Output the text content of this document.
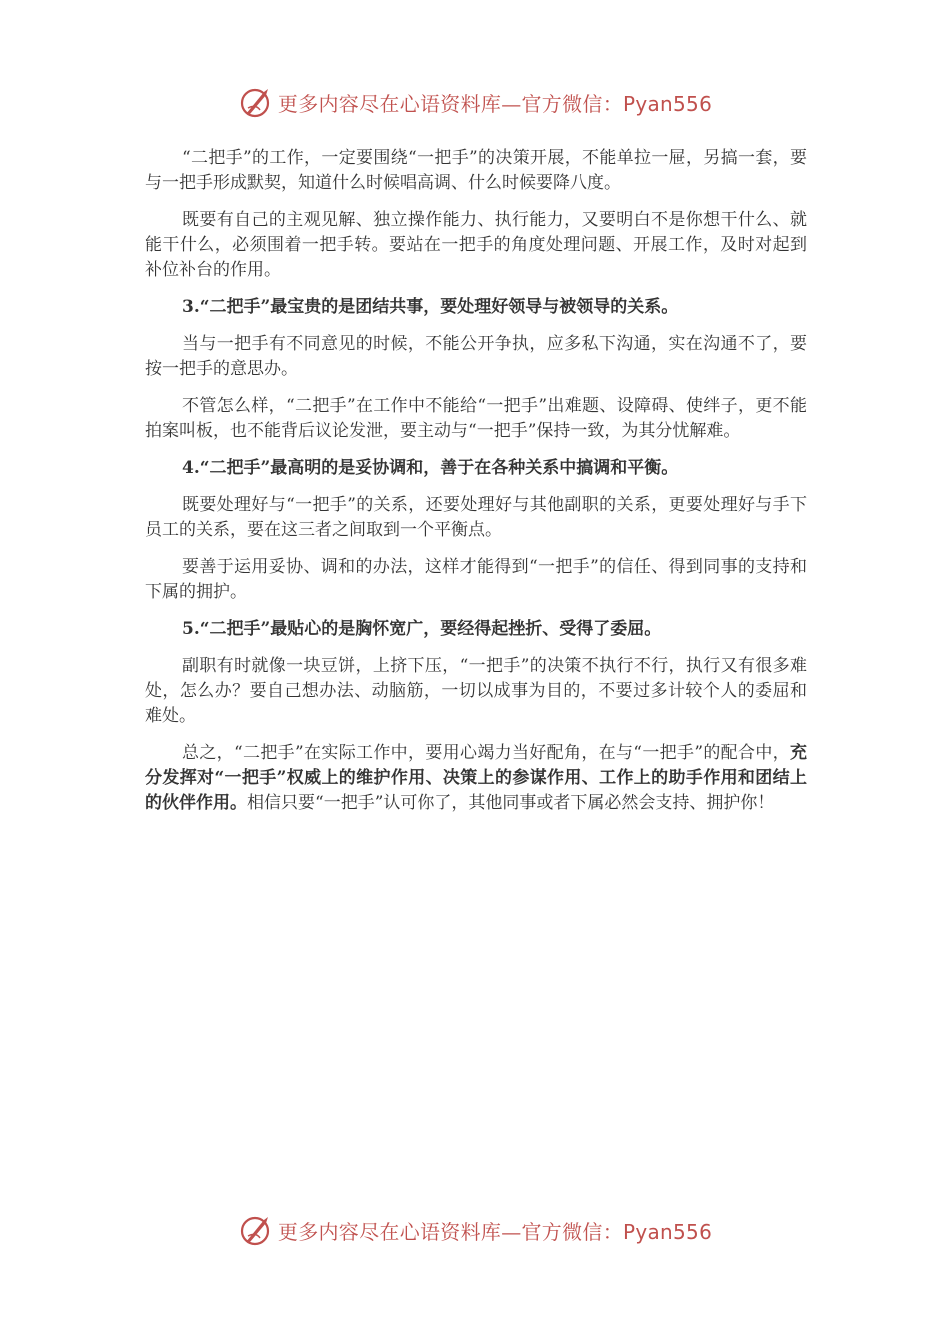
更多内容尽在心语资料库—官方微信：Pyan556

“二把手”的工作，一定要围绕“一把手”的决策开展，不能单拉一屉，另搞一套，要与一把手形成默契，知道什么时候唱高调、什么时候要降八度。

既要有自己的主观见解、独立操作能力、执行能力，又要明白不是你想干什么、就能干什么，必须围着一把手转。要站在一把手的角度处理问题、开展工作，及时对起到补位补台的作用。

3.“二把手”最宝贵的是团结共事，要处理好领导与被领导的关系。

当与一把手有不同意见的时候，不能公开争执，应多私下沟通，实在沟通不了，要按一把手的意思办。

不管怎么样，“二把手”在工作中不能给“一把手”出难题、设障碍、使绊子，更不能拍案叫板，也不能背后议论发泄，要主动与“一把手”保持一致，为其分忧解难。

4.“二把手”最高明的是妥协调和，善于在各种关系中搞调和平衡。

既要处理好与“一把手”的关系，还要处理好与其他副职的关系，更要处理好与手下员工的关系，要在这三者之间取到一个平衡点。

要善于运用妥协、调和的办法，这样才能得到“一把手”的信任、得到同事的支持和下属的拥护。

5.“二把手”最贴心的是胸怀宽广，要经得起挫折、受得了委屈。

副职有时就像一块豆饼，上挤下压，“一把手”的决策不执行不行，执行又有很多难处，怎么办？要自己想办法、动脑筋，一切以成事为目的，不要过多计较个人的委屈和难处。

总之，“二把手”在实际工作中，要用心竭力当好配角，在与“一把手”的配合中，充分发挥对“一把手”权威上的维护作用、决策上的参谋作用、工作上的助手作用和团结上的伙伴作用。相信只要“一把手”认可你了，其他同事或者下属必然会支持、拥护你！

更多内容尽在心语资料库—官方微信：Pyan556
